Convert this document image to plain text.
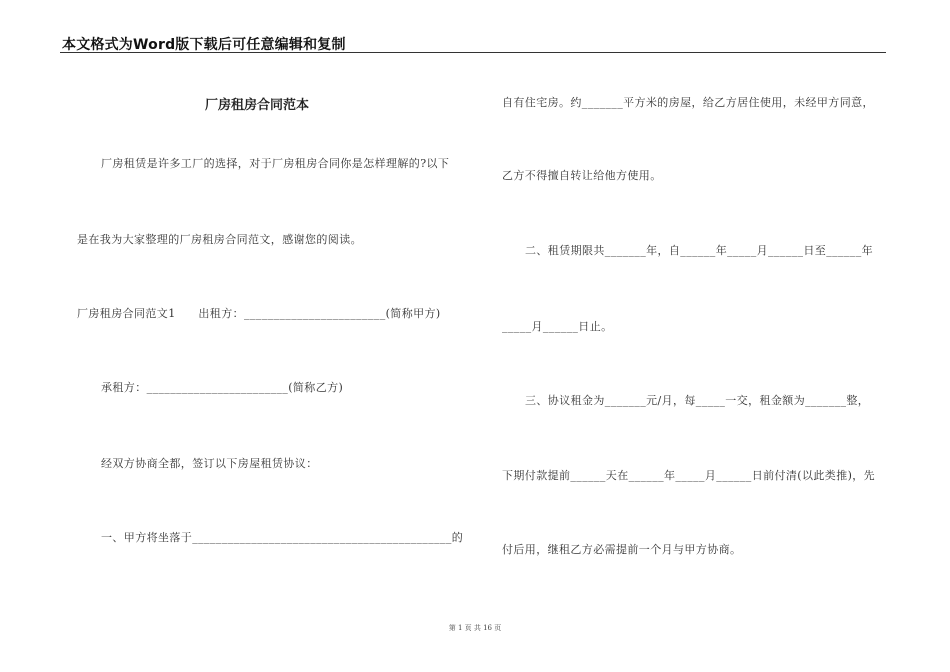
本文格式为Word版下载后可任意编辑和复制
厂房租房合同范本
厂房租赁是许多工厂的选择，对于厂房租房合同你是怎样理解的?以下
是在我为大家整理的厂房租房合同范文，感谢您的阅读。
厂房租房合同范文1　　出租方：________________________(简称甲方)
承租方：________________________(简称乙方)
经双方协商全都，签订以下房屋租赁协议：
一、甲方将坐落于____________________________________________的
自有住宅房。约_______平方米的房屋，给乙方居住使用，未经甲方同意，
乙方不得擅自转让给他方使用。
二、租赁期限共_______年，自______年_____月______日至______年
_____月______日止。
三、协议租金为_______元/月，每_____一交，租金额为_______整，
下期付款提前______天在______年_____月______日前付清(以此类推)，先
付后用，继租乙方必需提前一个月与甲方协商。
第 1 页 共 16 页
